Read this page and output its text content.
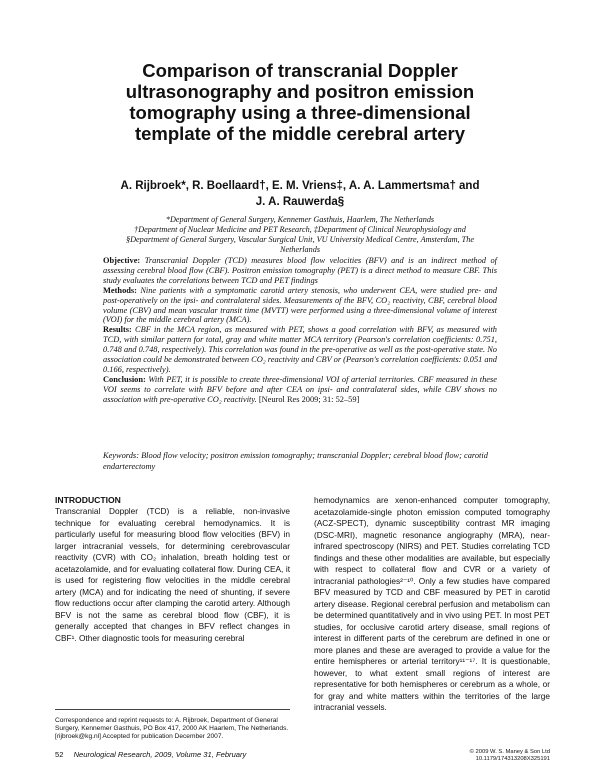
Comparison of transcranial Doppler ultrasonography and positron emission tomography using a three-dimensional template of the middle cerebral artery
A. Rijbroek*, R. Boellaard†, E. M. Vriens‡, A. A. Lammertsma† and
J. A. Rauwerda§
*Department of General Surgery, Kennemer Gasthuis, Haarlem, The Netherlands
†Department of Nuclear Medicine and PET Research, ‡Department of Clinical Neurophysiology and
§Department of General Surgery, Vascular Surgical Unit, VU University Medical Centre, Amsterdam, The
Netherlands

Objective: Transcranial Doppler (TCD) measures blood flow velocities (BFV) and is an indirect method of assessing cerebral blood flow (CBF). Positron emission tomography (PET) is a direct method to measure CBF. This study evaluates the correlations between TCD and PET findings

Methods: Nine patients with a symptomatic carotid artery stenosis, who underwent CEA, were studied pre- and post-operatively on the ipsi- and contralateral sides. Measurements of the BFV, CO₂ reactivity, CBF, cerebral blood volume (CBV) and mean vascular transit time (MVTT) were performed using a three-dimensional volume of interest (VOI) for the middle cerebral artery (MCA).

Results: CBF in the MCA region, as measured with PET, shows a good correlation with BFV, as measured with TCD, with similar pattern for total, gray and white matter MCA territory (Pearson's correlation coefficients: 0.751, 0.748 and 0.748, respectively). This correlation was found in the pre-operative as well as the post-operative state. No association could be demonstrated between CO₂ reactivity and CBV or (Pearson's correlation coefficients: 0.051 and 0.166, respectively).

Conclusion: With PET, it is possible to create three-dimensional VOI of arterial territories. CBF measured in these VOI seems to correlate with BFV before and after CEA on ipsi- and contralateral sides, while CBV shows no association with pre-operative CO₂ reactivity. [Neurol Res 2009; 31: 52–59]

Keywords: Blood flow velocity; positron emission tomography; transcranial Doppler; cerebral blood flow; carotid endarterectomy
INTRODUCTION

Transcranial Doppler (TCD) is a reliable, non-invasive technique for evaluating cerebral hemodynamics. It is particularly useful for measuring blood flow velocities (BFV) in larger intracranial vessels, for determining cerebrovascular reactivity (CVR) with CO₂ inhalation, breath holding test or acetazolamide, and for evaluating collateral flow. During CEA, it is used for registering flow velocities in the middle cerebral artery (MCA) and for indicating the need of shunting, if severe flow reductions occur after clamping the carotid artery. Although BFV is not the same as cerebral blood flow (CBF), it is generally accepted that changes in BFV reflect changes in CBF¹. Other diagnostic tools for measuring cerebral

hemodynamics are xenon-enhanced computer tomography, acetazolamide-single photon emission computed tomography (ACZ-SPECT), dynamic susceptibility contrast MR imaging (DSC-MRI), magnetic resonance angiography (MRA), near-infrared spectroscopy (NIRS) and PET. Studies correlating TCD findings and these other modalities are available, but especially with respect to collateral flow and CVR or a variety of intracranial pathologies²⁻¹⁰. Only a few studies have compared BFV measured by TCD and CBF measured by PET in carotid artery disease. Regional cerebral perfusion and metabolism can be determined quantitatively and in vivo using PET. In most PET studies, for occlusive carotid artery disease, small regions of interest in different parts of the cerebrum are defined in one or more planes and these are averaged to provide a value for the entire hemispheres or arterial territory¹¹⁻¹⁷. It is questionable, however, to what extent small regions of interest are representative for both hemispheres or cerebrum as a whole, or for gray and white matters within the territories of the large intracranial vessels.

Correspondence and reprint requests to: A. Rijbroek, Department of General Surgery, Kennemer Gasthuis, PO Box 417, 2000 AK Haarlem, The Netherlands. [rijbroek@kg.nl] Accepted for publication December 2007.
52 Neurological Research, 2009, Volume 31, February	© 2009 W. S. Maney & Son Ltd
10.1179/174313208X325191
